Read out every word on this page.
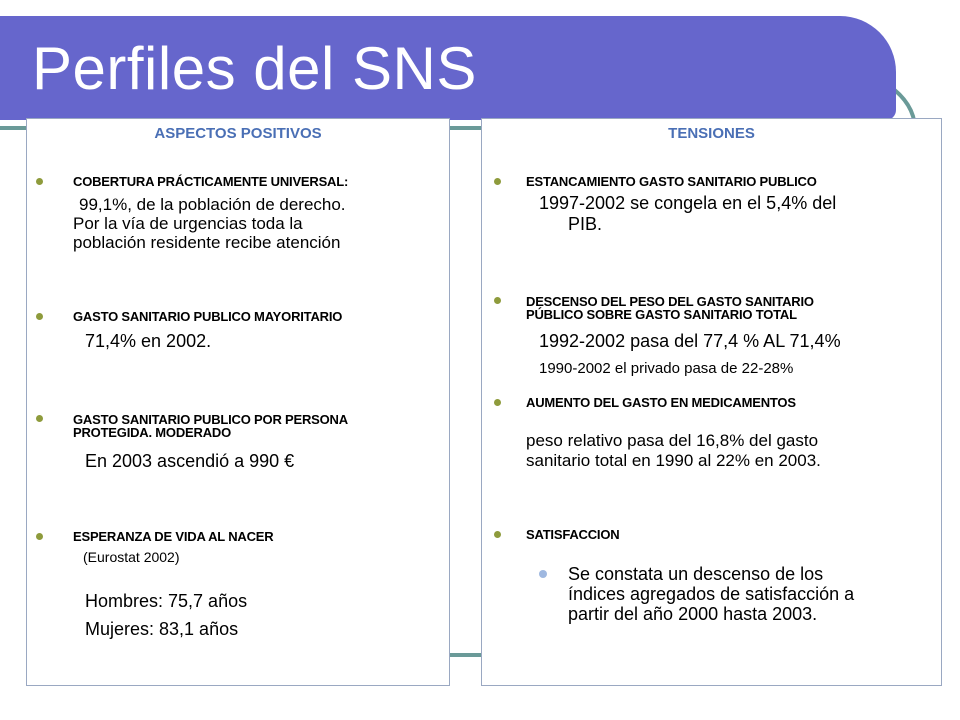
Perfiles del SNS
ASPECTOS POSITIVOS
COBERTURA PRÁCTICAMENTE UNIVERSAL:
99,1%, de la población de derecho.
Por la vía de urgencias toda la
población residente recibe atención
GASTO SANITARIO PUBLICO MAYORITARIO
71,4% en 2002.
GASTO SANITARIO PUBLICO POR PERSONA
PROTEGIDA. MODERADO
En 2003 ascendió a 990 €
ESPERANZA DE VIDA AL NACER
(Eurostat 2002)
Hombres: 75,7 años
Mujeres: 83,1 años
TENSIONES
ESTANCAMIENTO GASTO SANITARIO PUBLICO
1997-2002 se congela en el 5,4% del
PIB.
DESCENSO DEL PESO DEL GASTO SANITARIO
PÚBLICO SOBRE GASTO SANITARIO TOTAL
1992-2002 pasa del 77,4 % AL 71,4%
1990-2002 el privado pasa de 22-28%
AUMENTO DEL GASTO EN MEDICAMENTOS
peso relativo pasa del 16,8% del gasto
sanitario total en 1990 al 22% en 2003.
SATISFACCION
Se constata un descenso de los
índices agregados de satisfacción a
partir del año 2000 hasta 2003.
